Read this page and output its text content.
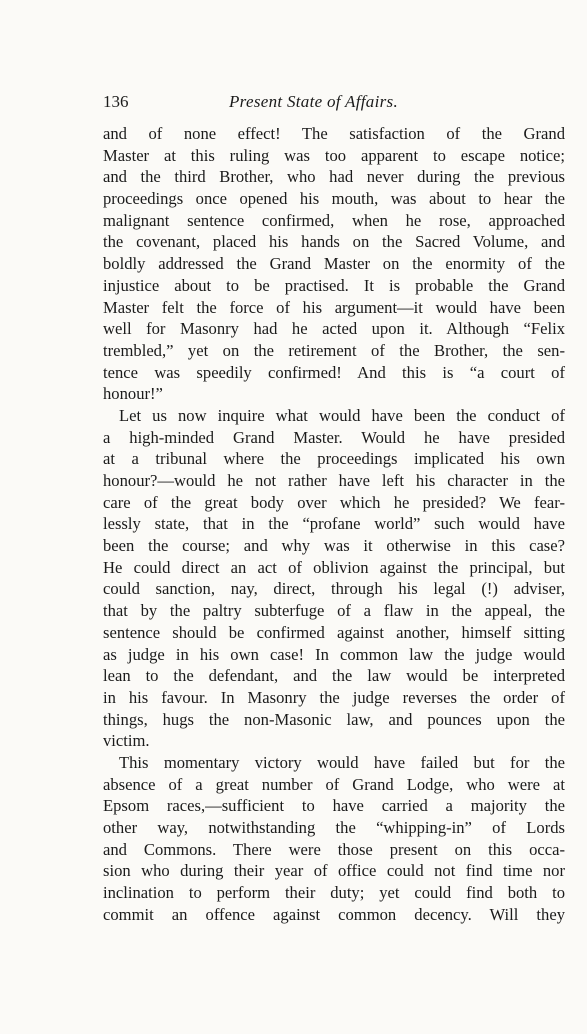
136	Present State of Affairs.
and of none effect! The satisfaction of the Grand
Master at this ruling was too apparent to escape notice;
and the third Brother, who had never during the previous
proceedings once opened his mouth, was about to hear the
malignant sentence confirmed, when he rose, approached
the covenant, placed his hands on the Sacred Volume, and
boldly addressed the Grand Master on the enormity of the
injustice about to be practised. It is probable the Grand
Master felt the force of his argument—it would have been
well for Masonry had he acted upon it. Although “Felix
trembled,” yet on the retirement of the Brother, the sen-
tence was speedily confirmed! And this is “a court of
honour!”
Let us now inquire what would have been the conduct of
a high-minded Grand Master. Would he have presided
at a tribunal where the proceedings implicated his own
honour?—would he not rather have left his character in the
care of the great body over which he presided? We fear-
lessly state, that in the “profane world” such would have
been the course; and why was it otherwise in this case?
He could direct an act of oblivion against the principal, but
could sanction, nay, direct, through his legal (!) adviser,
that by the paltry subterfuge of a flaw in the appeal, the
sentence should be confirmed against another, himself sitting
as judge in his own case! In common law the judge would
lean to the defendant, and the law would be interpreted
in his favour. In Masonry the judge reverses the order of
things, hugs the non-Masonic law, and pounces upon the
victim.
This momentary victory would have failed but for the
absence of a great number of Grand Lodge, who were at
Epsom races,—sufficient to have carried a majority the
other way, notwithstanding the “whipping-in” of Lords
and Commons. There were those present on this occa-
sion who during their year of office could not find time nor
inclination to perform their duty; yet could find both to
commit an offence against common decency. Will they
